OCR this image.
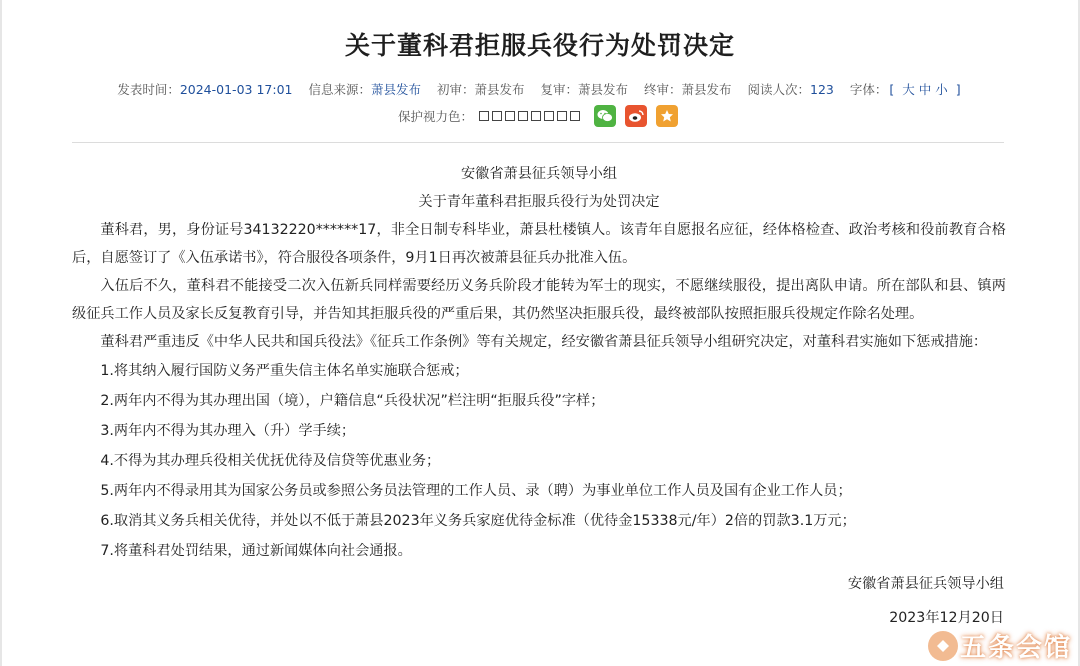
关于董科君拒服兵役行为处罚决定
发表时间：2024-01-03 17:01 信息来源：萧县发布 初审：萧县发布 复审：萧县发布 终审：萧县发布 阅读人次：123 字体： [ 大 中 小 ]
保护视力色：

安徽省萧县征兵领导小组

关于青年董科君拒服兵役行为处罚决定

董科君，男，身份证号34132220******17，非全日制专科毕业，萧县杜楼镇人。该青年自愿报名应征，经体格检查、政治考核和役前教育合格后，自愿签订了《入伍承诺书》，符合服役各项条件，9月1日再次被萧县征兵办批准入伍。

入伍后不久，董科君不能接受二次入伍新兵同样需要经历义务兵阶段才能转为军士的现实，不愿继续服役，提出离队申请。所在部队和县、镇两级征兵工作人员及家长反复教育引导，并告知其拒服兵役的严重后果，其仍然坚决拒服兵役，最终被部队按照拒服兵役规定作除名处理。

董科君严重违反《中华人民共和国兵役法》《征兵工作条例》等有关规定，经安徽省萧县征兵领导小组研究决定，对董科君实施如下惩戒措施：

1.将其纳入履行国防义务严重失信主体名单实施联合惩戒；

2.两年内不得为其办理出国（境），户籍信息“兵役状况”栏注明“拒服兵役”字样；

3.两年内不得为其办理入（升）学手续；

4.不得为其办理兵役相关优抚优待及信贷等优惠业务；

5.两年内不得录用其为国家公务员或参照公务员法管理的工作人员、录（聘）为事业单位工作人员及国有企业工作人员；

6.取消其义务兵相关优待，并处以不低于萧县2023年义务兵家庭优待金标准（优待金15338元/年）2倍的罚款3.1万元；

7.将董科君处罚结果，通过新闻媒体向社会通报。

安徽省萧县征兵领导小组

2023年12月20日

五条会馆
